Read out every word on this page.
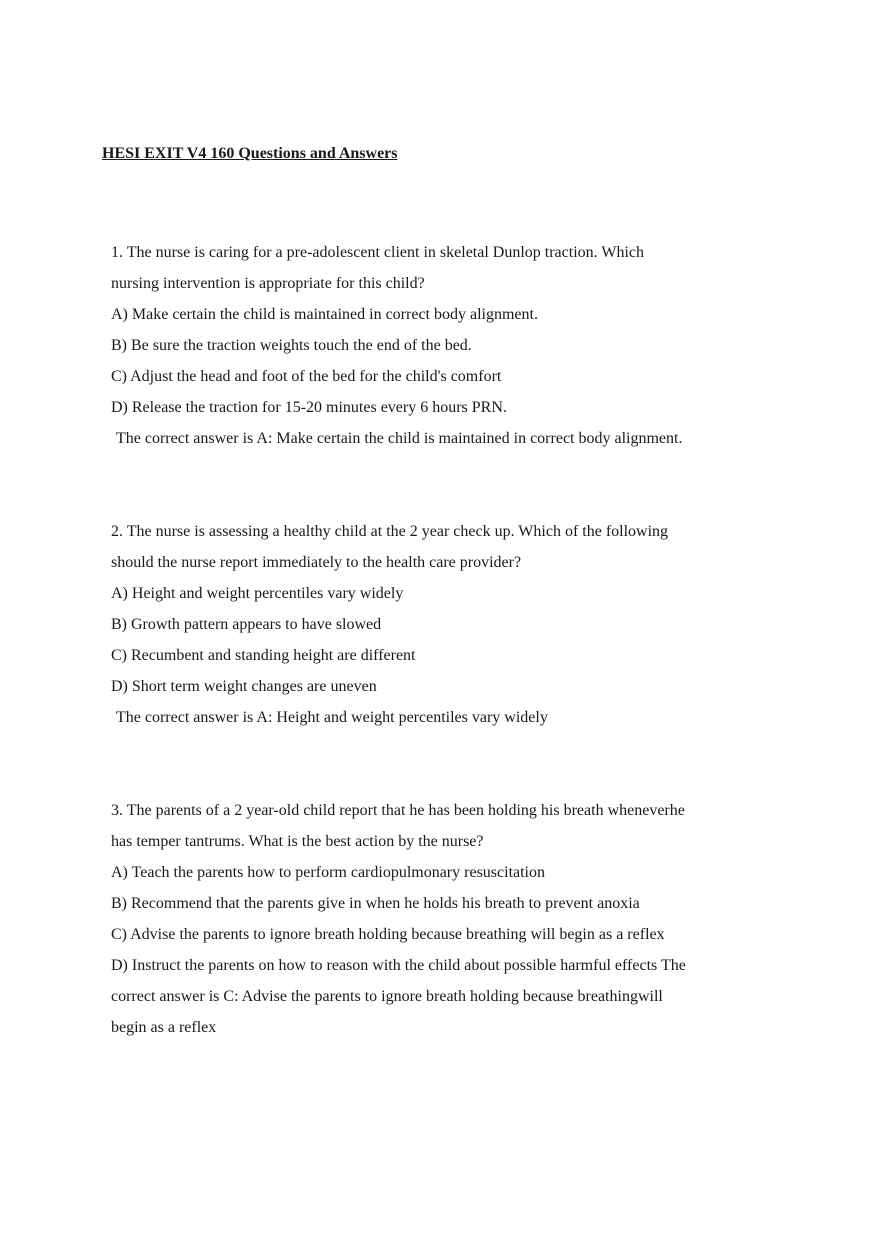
HESI EXIT V4 160 Questions and Answers
1. The nurse is caring for a pre-adolescent client in skeletal Dunlop traction. Which
nursing intervention is appropriate for this child?
A) Make certain the child is maintained in correct body alignment.
B) Be sure the traction weights touch the end of the bed.
C) Adjust the head and foot of the bed for the child's comfort
D) Release the traction for 15-20 minutes every 6 hours PRN.
The correct answer is A: Make certain the child is maintained in correct body alignment.
2. The nurse is assessing a healthy child at the 2 year check up. Which of the following
should the nurse report immediately to the health care provider?
A) Height and weight percentiles vary widely
B) Growth pattern appears to have slowed
C) Recumbent and standing height are different
D) Short term weight changes are uneven
The correct answer is A: Height and weight percentiles vary widely
3. The parents of a 2 year-old child report that he has been holding his breath wheneverhe
has temper tantrums. What is the best action by the nurse?
A) Teach the parents how to perform cardiopulmonary resuscitation
B) Recommend that the parents give in when he holds his breath to prevent anoxia
C) Advise the parents to ignore breath holding because breathing will begin as a reflex
D) Instruct the parents on how to reason with the child about possible harmful effects The
correct answer is C: Advise the parents to ignore breath holding because breathingwill
begin as a reflex
